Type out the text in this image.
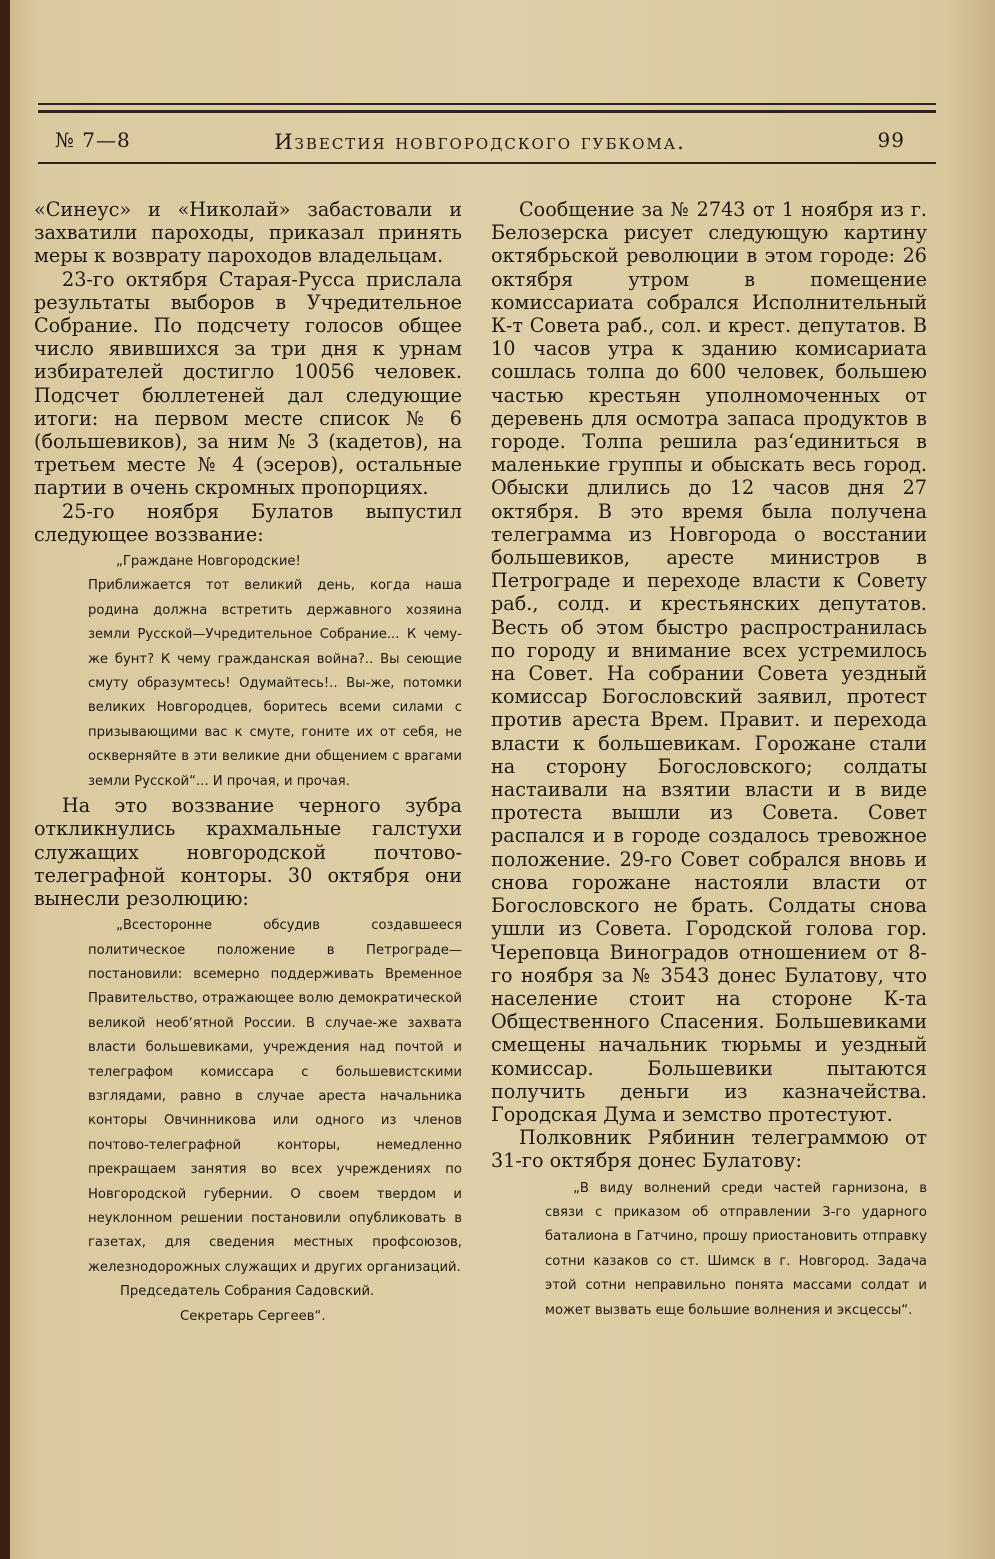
№ 7—8	Известия новгородского губкома.	99

«Синеус» и «Николай» забастовали и захватили пароходы, приказал принять меры к возврату пароходов владельцам.

23-го октября Старая-Русса прислала результаты выборов в Учредительное Собрание. По подсчету голосов общее число явившихся за три дня к урнам избирателей достигло 10056 человек. Подсчет бюллетеней дал следующие итоги: на первом месте список № 6 (большевиков), за ним № 3 (кадетов), на третьем месте № 4 (эсеров), остальные партии в очень скромных пропорциях.

25-го ноября Булатов выпустил следующее воззвание:

„Граждане Новгородские!

Приближается тот великий день, когда наша родина должна встретить державного хозяина земли Русской—Учредительное Собрание... К чему-же бунт? К чему гражданская война?.. Вы сеющие смуту образумтесь! Одумайтесь!.. Вы-же, потомки великих Новгородцев, боритесь всеми силами с призывающими вас к смуте, гоните их от себя, не оскверняйте в эти великие дни общением с врагами земли Русской“... И прочая, и прочая.

На это воззвание черного зубра откликнулись крахмальные галстухи служащих новгородской почтово-телеграфной конторы. 30 октября они вынесли резолюцию:

„Всесторонне обсудив создавшееся политическое положение в Петрограде—постановили: всемерно поддерживать Временное Правительство, отражающее волю демократической великой необ‘ятной России. В случае-же захвата власти большевиками, учреждения над почтой и телеграфом комиссара с большевистскими взглядами, равно в случае ареста начальника конторы Овчинникова или одного из членов почтово-телеграфной конторы, немедленно прекращаем занятия во всех учреждениях по Новгородской губернии. О своем твердом и неуклонном решении постановили опубликовать в газетах, для сведения местных профсоюзов, железнодорожных служащих и других организаций.

Председатель Собрания Садовский.

Секретарь Сергеев“.

Сообщение за № 2743 от 1 ноября из г. Белозерска рисует следующую картину октябрьской революции в этом городе: 26 октября утром в помещение комиссариата собрался Исполнительный К-т Совета раб., сол. и крест. депутатов. В 10 часов утра к зданию комисариата сошлась толпа до 600 человек, большею частью крестьян уполномоченных от деревень для осмотра запаса продуктов в городе. Толпа решила раз‘единиться в маленькие группы и обыскать весь город. Обыски длились до 12 часов дня 27 октября. В это время была получена телеграмма из Новгорода о восстании большевиков, аресте министров в Петрограде и переходе власти к Совету раб., солд. и крестьянских депутатов. Весть об этом быстро распространилась по городу и внимание всех устремилось на Совет. На собрании Совета уездный комиссар Богословский заявил, протест против ареста Врем. Правит. и перехода власти к большевикам. Горожане стали на сторону Богословского; солдаты настаивали на взятии власти и в виде протеста вышли из Совета. Совет распался и в городе создалось тревожное положение. 29-го Совет собрался вновь и снова горожане настояли власти от Богословского не брать. Солдаты снова ушли из Совета. Городской голова гор. Череповца Виноградов отношением от 8-го ноября за № 3543 донес Булатову, что население стоит на стороне К-та Общественного Спасения. Большевиками смещены начальник тюрьмы и уездный комиссар. Большевики пытаются получить деньги из казначейства. Городская Дума и земство протестуют.

Полковник Рябинин телеграммою от 31-го октября донес Булатову:

„В виду волнений среди частей гарнизона, в связи с приказом об отправлении 3-го ударного баталиона в Гатчино, прошу приостановить отправку сотни казаков со ст. Шимск в г. Новгород. Задача этой сотни неправильно понята массами солдат и может вызвать еще большие волнения и эксцессы“.
